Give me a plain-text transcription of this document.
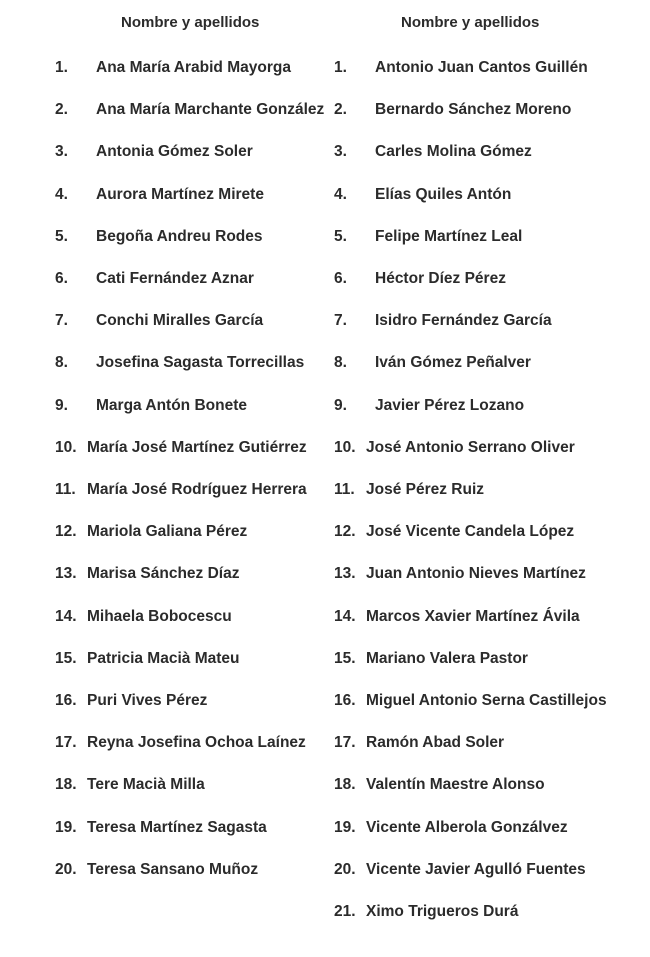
Nombre y apellidos
1. Ana María Arabid Mayorga
2. Ana María Marchante González
3. Antonia Gómez Soler
4. Aurora Martínez Mirete
5. Begoña Andreu Rodes
6. Cati Fernández Aznar
7. Conchi Miralles García
8. Josefina Sagasta Torrecillas
9. Marga Antón Bonete
10. María José Martínez Gutiérrez
11. María José Rodríguez Herrera
12. Mariola Galiana Pérez
13. Marisa Sánchez Díaz
14. Mihaela Bobocescu
15. Patricia Macià Mateu
16. Puri Vives Pérez
17. Reyna Josefina Ochoa Laínez
18. Tere Macià Milla
19. Teresa Martínez Sagasta
20. Teresa Sansano Muñoz
Nombre y apellidos
1. Antonio Juan Cantos Guillén
2. Bernardo Sánchez Moreno
3. Carles Molina Gómez
4. Elías Quiles Antón
5. Felipe Martínez Leal
6. Héctor Díez Pérez
7. Isidro Fernández García
8. Iván Gómez Peñalver
9. Javier Pérez Lozano
10. José Antonio Serrano Oliver
11. José Pérez Ruiz
12. José Vicente Candela López
13. Juan Antonio Nieves Martínez
14. Marcos Xavier Martínez Ávila
15. Mariano Valera Pastor
16. Miguel Antonio Serna Castillejos
17. Ramón Abad Soler
18. Valentín Maestre Alonso
19. Vicente Alberola Gonzálvez
20. Vicente Javier Agulló Fuentes
21. Ximo Trigueros Durá
